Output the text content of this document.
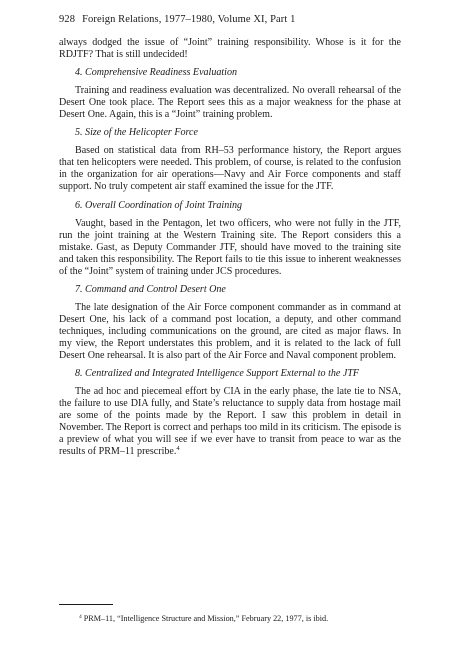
928 Foreign Relations, 1977–1980, Volume XI, Part 1

always dodged the issue of “Joint” training responsibility. Whose is it for the RDJTF? That is still undecided!

4. Comprehensive Readiness Evaluation

Training and readiness evaluation was decentralized. No overall rehearsal of the Desert One took place. The Report sees this as a major weakness for the phase at Desert One. Again, this is a “Joint” training problem.

5. Size of the Helicopter Force

Based on statistical data from RH–53 performance history, the Report argues that ten helicopters were needed. This problem, of course, is related to the confusion in the organization for air operations—Navy and Air Force components and staff support. No truly competent air staff examined the issue for the JTF.

6. Overall Coordination of Joint Training

Vaught, based in the Pentagon, let two officers, who were not fully in the JTF, run the joint training at the Western Training site. The Report considers this a mistake. Gast, as Deputy Commander JTF, should have moved to the training site and taken this responsibility. The Report fails to tie this issue to inherent weaknesses of the “Joint” system of training under JCS procedures.

7. Command and Control Desert One

The late designation of the Air Force component commander as in command at Desert One, his lack of a command post location, a deputy, and other command techniques, including communications on the ground, are cited as major flaws. In my view, the Report understates this problem, and it is related to the lack of full Desert One rehearsal. It is also part of the Air Force and Naval component problem.

8. Centralized and Integrated Intelligence Support External to the JTF

The ad hoc and piecemeal effort by CIA in the early phase, the late tie to NSA, the failure to use DIA fully, and State’s reluctance to supply data from hostage mail are some of the points made by the Report. I saw this problem in detail in November. The Report is correct and perhaps too mild in its criticism. The episode is a preview of what you will see if we ever have to transit from peace to war as the results of PRM–11 prescribe.$^4$

$^4$ PRM–11, “Intelligence Structure and Mission,” February 22, 1977, is ibid.
